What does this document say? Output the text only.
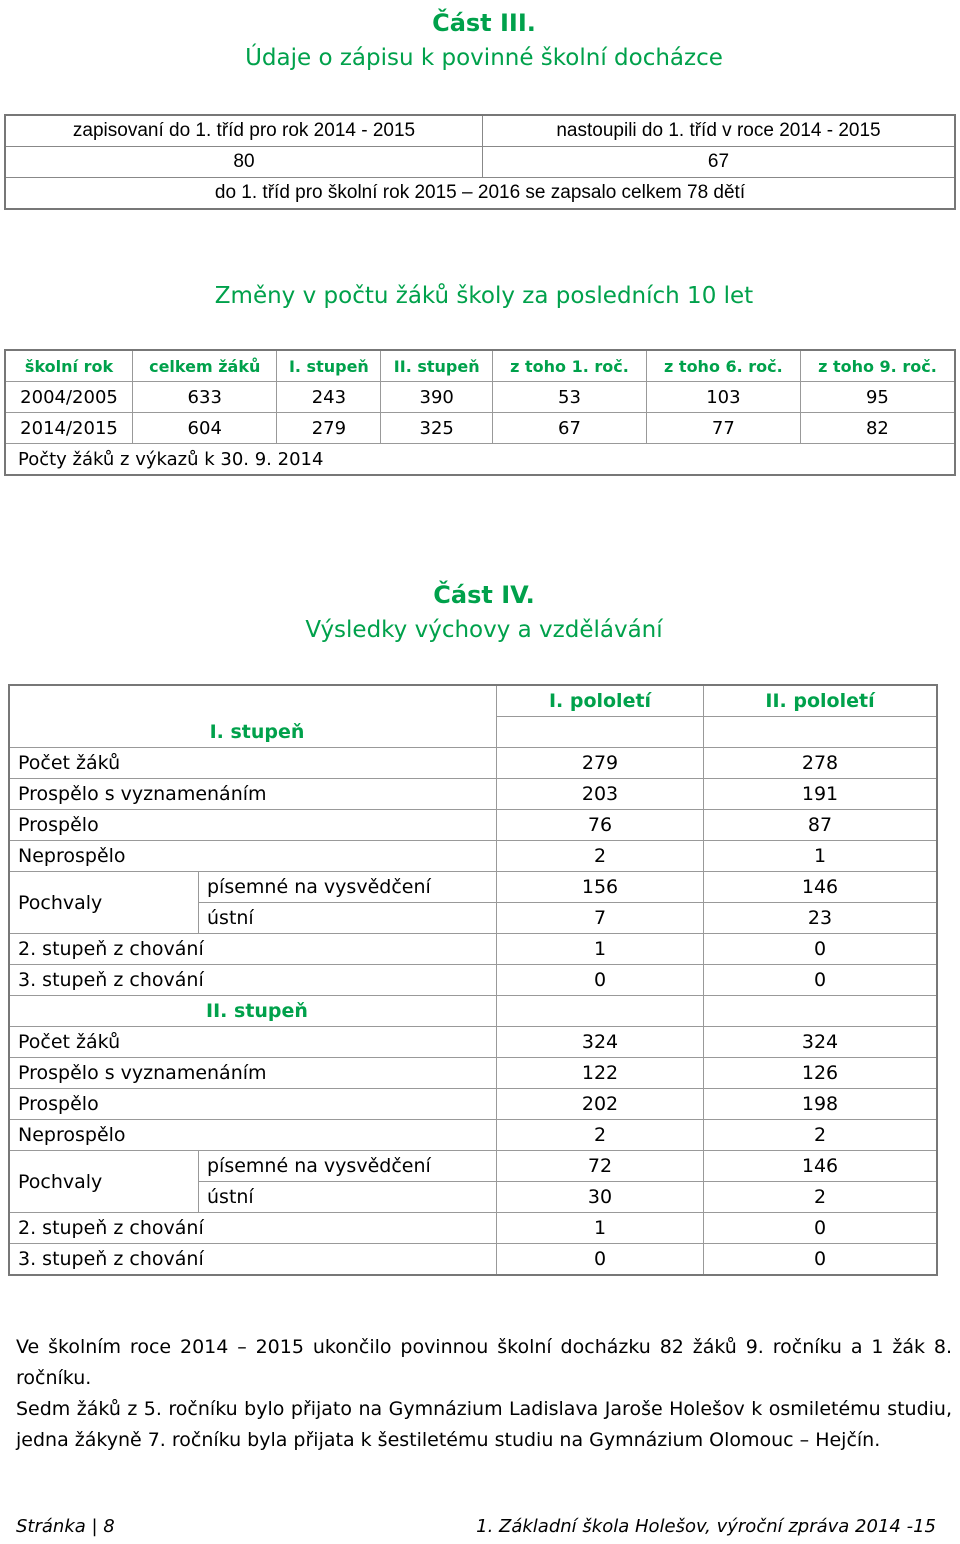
Část III.
Údaje o zápisu k povinné školní docházce
zapisovaní do 1. tříd pro rok 2014 - 2015	nastoupili do 1. tříd v roce 2014 - 2015
80	67
do 1. tříd pro školní rok 2015 – 2016 se zapsalo celkem 78 dětí	
Změny v počtu žáků školy za posledních 10 let
školní rok	celkem žáků	I. stupeň	II. stupeň	z toho 1. roč.	z toho 6. roč.	z toho 9. roč.
2004/2005	633	243	390	53	103	95
2014/2015	604	279	325	67	77	82
Počty žáků z výkazů k 30. 9. 2014						
Část IV.
Výsledky výchovy a vzdělávání
		I. pololetí	II. pololetí
I. stupeň			
Počet žáků		279	278
Prospělo s vyznamenáním		203	191
Prospělo		76	87
Neprospělo		2	1
Pochvaly	písemné na vysvědčení	156	146
	ústní	7	23
2. stupeň z chování		1	0
3. stupeň z chování		0	0
II. stupeň			
Počet žáků		324	324
Prospělo s vyznamenáním		122	126
Prospělo		202	198
Neprospělo		2	2
Pochvaly	písemné na vysvědčení	72	146
	ústní	30	2
2. stupeň z chování		1	0
3. stupeň z chování		0	0
Ve školním roce 2014 – 2015 ukončilo povinnou školní docházku 82 žáků 9. ročníku a 1 žák 8. ročníku.
Sedm žáků z 5. ročníku bylo přijato na Gymnázium Ladislava Jaroše Holešov k osmiletému studiu, jedna žákyně 7. ročníku byla přijata k šestiletému studiu na Gymnázium Olomouc – Hejčín.
Stránka | 8	1. Základní škola Holešov, výroční zpráva 2014 -15
